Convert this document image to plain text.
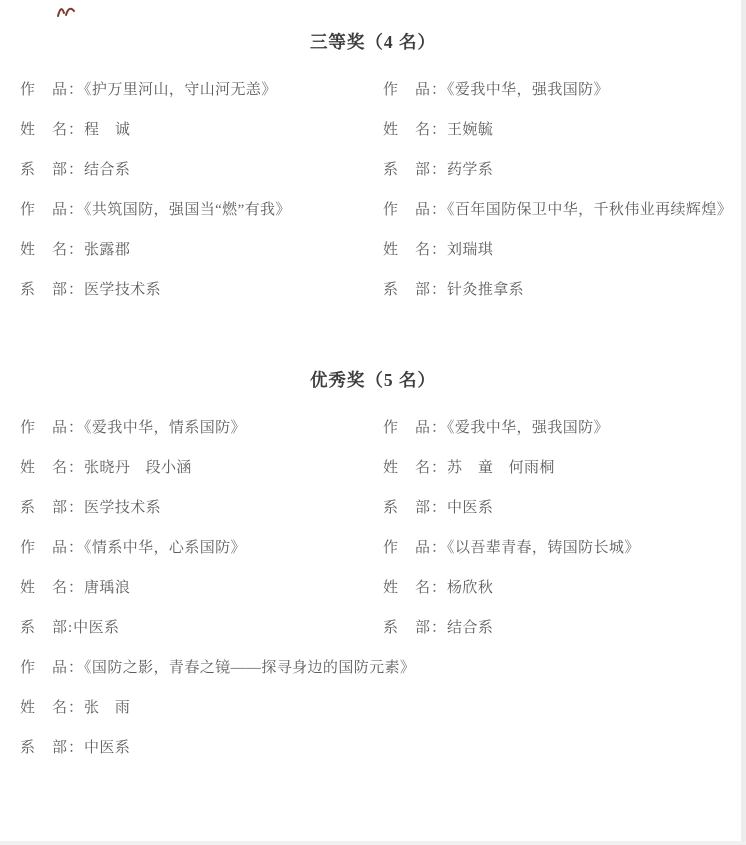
三等奖（4 名）
作　品：《护万里河山，守山河无恙》
姓　名：程　诚
系　部：结合系
作　品：《爱我中华，强我国防》
姓　名：王婉毓
系　部：药学系
作　品：《共筑国防，强国当“燃”有我》
姓　名：张露郡
系　部：医学技术系
作　品：《百年国防保卫中华，千秋伟业再续辉煌》
姓　名：刘瑞琪
系　部：针灸推拿系
优秀奖（5 名）
作　品：《爱我中华，情系国防》
姓　名：张晓丹　段小涵
系　部：医学技术系
作　品：《爱我中华，强我国防》
姓　名：苏　童　何雨桐
系　部：中医系
作　品：《情系中华，心系国防》
姓　名：唐瑀浪
系　部:中医系
作　品：《以吾辈青春，铸国防长城》
姓　名：杨欣秋
系　部：结合系
作　品：《国防之影，青春之镜——探寻身边的国防元素》
姓　名：张　雨
系　部：中医系
